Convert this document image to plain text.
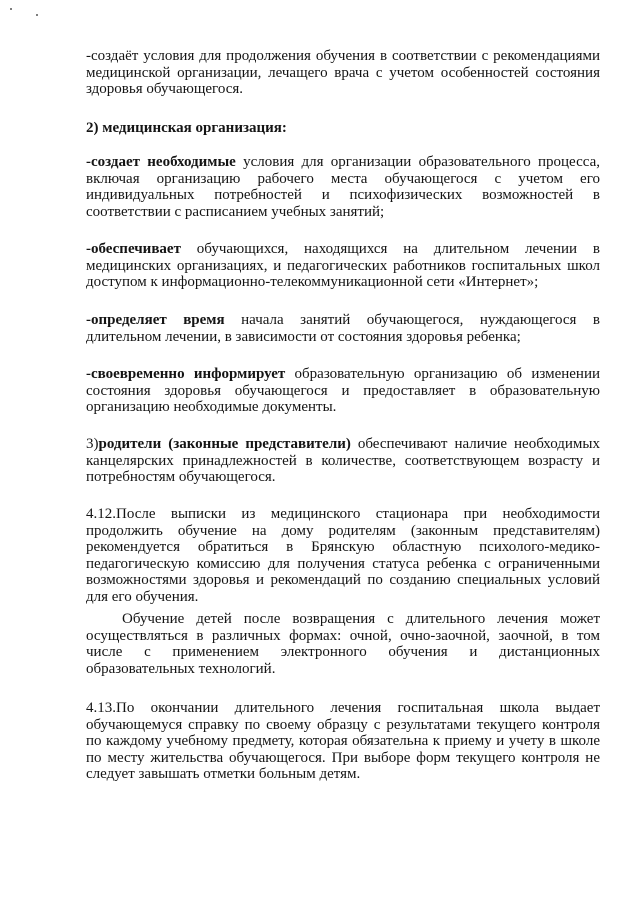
-создаёт условия для продолжения обучения в соответствии с рекомендациями медицинской организации, лечащего врача с учетом особенностей состояния здоровья обучающегося.

2) медицинская организация:

-создает необходимые условия для организации образовательного процесса, включая организацию рабочего места обучающегося с учетом его индивидуальных потребностей и психофизических возможностей в соответствии с расписанием учебных занятий;

-обеспечивает обучающихся, находящихся на длительном лечении в медицинских организациях, и педагогических работников госпитальных школ доступом к информационно-телекоммуникационной сети «Интернет»;

-определяет время начала занятий обучающегося, нуждающегося в длительном лечении, в зависимости от состояния здоровья ребенка;

-своевременно информирует образовательную организацию об изменении состояния здоровья обучающегося и предоставляет в образовательную организацию необходимые документы.

3)родители (законные представители) обеспечивают наличие необходимых канцелярских принадлежностей в количестве, соответствующем возрасту и потребностям обучающегося.

4.12.После выписки из медицинского стационара при необходимости продолжить обучение на дому родителям (законным представителям) рекомендуется обратиться в Брянскую областную психолого-медико-педагогическую комиссию для получения статуса ребенка с ограниченными возможностями здоровья и рекомендаций по созданию специальных условий для его обучения.

Обучение детей после возвращения с длительного лечения может осуществляться в различных формах: очной, очно-заочной, заочной, в том числе с применением электронного обучения и дистанционных образовательных технологий.

4.13.По окончании длительного лечения госпитальная школа выдает обучающемуся справку по своему образцу с результатами текущего контроля по каждому учебному предмету, которая обязательна к приему и учету в школе по месту жительства обучающегося. При выборе форм текущего контроля не следует завышать отметки больным детям.
